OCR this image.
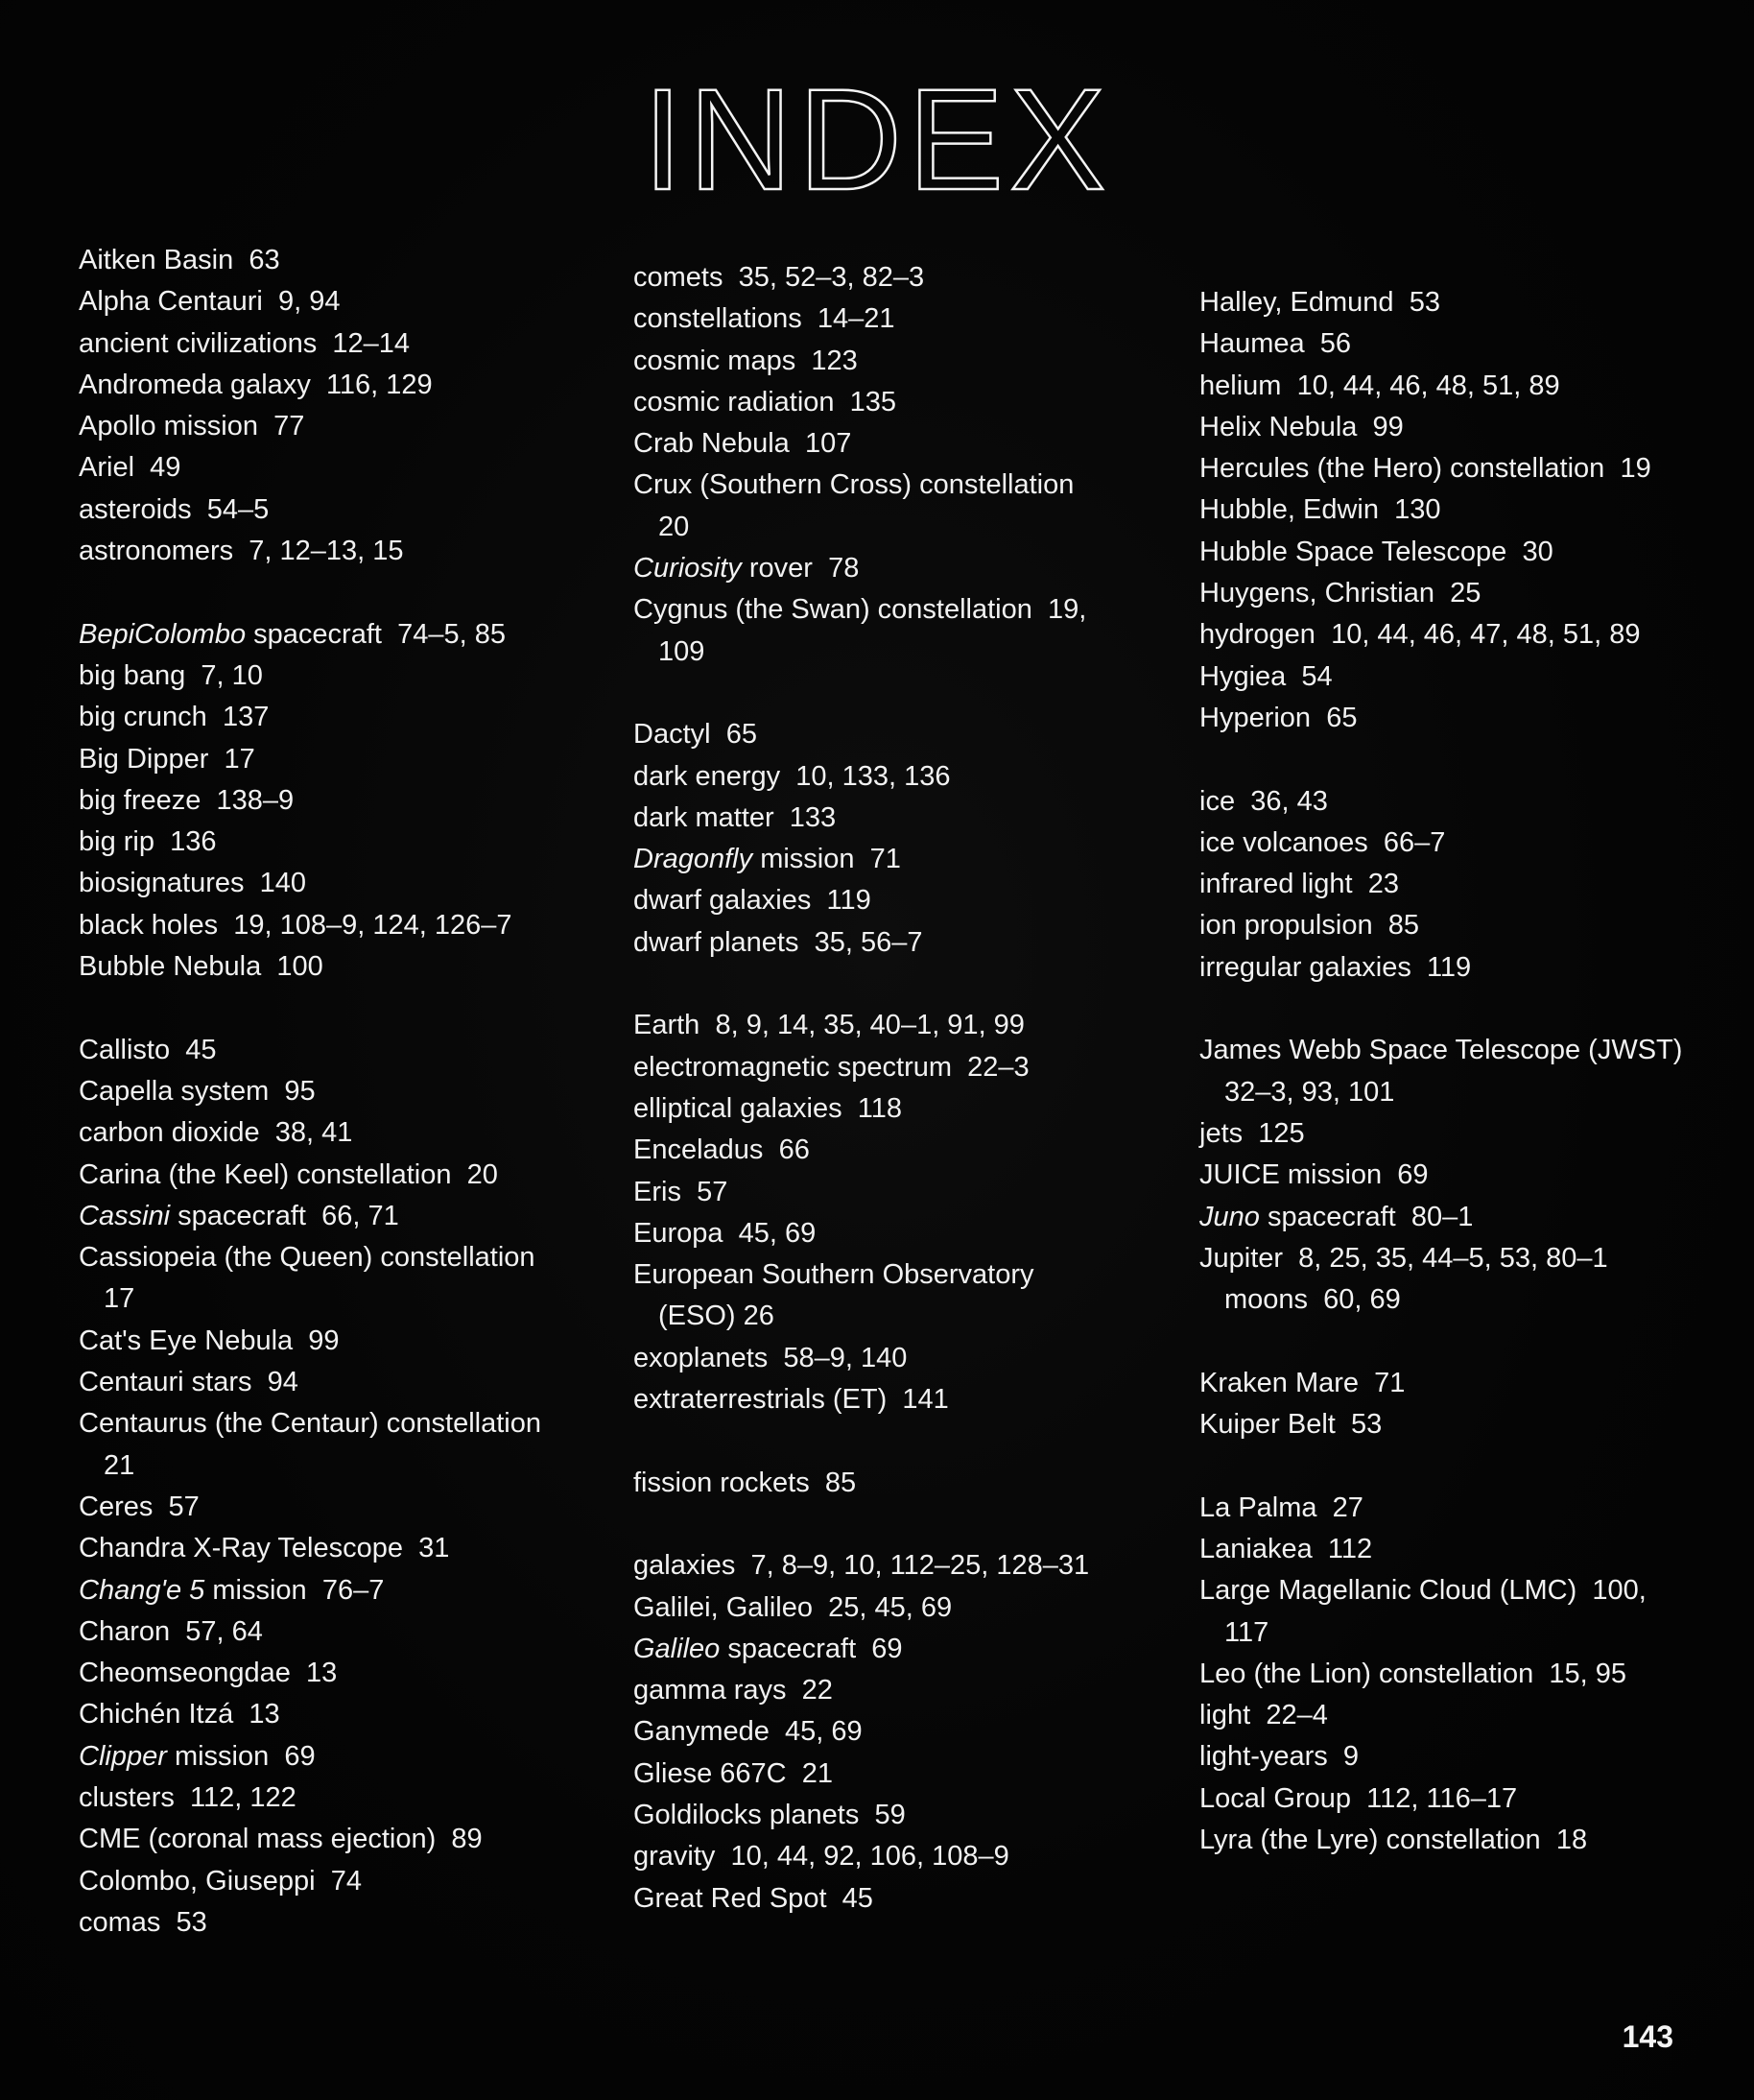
INDEX
Aitken Basin 63
Alpha Centauri 9, 94
ancient civilizations 12–14
Andromeda galaxy 116, 129
Apollo mission 77
Ariel 49
asteroids 54–5
astronomers 7, 12–13, 15
BepiColombo spacecraft 74–5, 85
big bang 7, 10
big crunch 137
Big Dipper 17
big freeze 138–9
big rip 136
biosignatures 140
black holes 19, 108–9, 124, 126–7
Bubble Nebula 100
Callisto 45
Capella system 95
carbon dioxide 38, 41
Carina (the Keel) constellation 20
Cassini spacecraft 66, 71
Cassiopeia (the Queen) constellation
17
Cat's Eye Nebula 99
Centauri stars 94
Centaurus (the Centaur) constellation
21
Ceres 57
Chandra X-Ray Telescope 31
Chang'e 5 mission 76–7
Charon 57, 64
Cheomseongdae 13
Chichén Itzá 13
Clipper mission 69
clusters 112, 122
CME (coronal mass ejection) 89
Colombo, Giuseppi 74
comas 53
comets 35, 52–3, 82–3
constellations 14–21
cosmic maps 123
cosmic radiation 135
Crab Nebula 107
Crux (Southern Cross) constellation
20
Curiosity rover 78
Cygnus (the Swan) constellation 19,
109
Dactyl 65
dark energy 10, 133, 136
dark matter 133
Dragonfly mission 71
dwarf galaxies 119
dwarf planets 35, 56–7
Earth 8, 9, 14, 35, 40–1, 91, 99
electromagnetic spectrum 22–3
elliptical galaxies 118
Enceladus 66
Eris 57
Europa 45, 69
European Southern Observatory
(ESO) 26
exoplanets 58–9, 140
extraterrestrials (ET) 141
fission rockets 85
galaxies 7, 8–9, 10, 112–25, 128–31
Galilei, Galileo 25, 45, 69
Galileo spacecraft 69
gamma rays 22
Ganymede 45, 69
Gliese 667C 21
Goldilocks planets 59
gravity 10, 44, 92, 106, 108–9
Great Red Spot 45
Halley, Edmund 53
Haumea 56
helium 10, 44, 46, 48, 51, 89
Helix Nebula 99
Hercules (the Hero) constellation 19
Hubble, Edwin 130
Hubble Space Telescope 30
Huygens, Christian 25
hydrogen 10, 44, 46, 47, 48, 51, 89
Hygiea 54
Hyperion 65
ice 36, 43
ice volcanoes 66–7
infrared light 23
ion propulsion 85
irregular galaxies 119
James Webb Space Telescope (JWST)
32–3, 93, 101
jets 125
JUICE mission 69
Juno spacecraft 80–1
Jupiter 8, 25, 35, 44–5, 53, 80–1
moons 60, 69
Kraken Mare 71
Kuiper Belt 53
La Palma 27
Laniakea 112
Large Magellanic Cloud (LMC) 100,
117
Leo (the Lion) constellation 15, 95
light 22–4
light-years 9
Local Group 112, 116–17
Lyra (the Lyre) constellation 18
143
